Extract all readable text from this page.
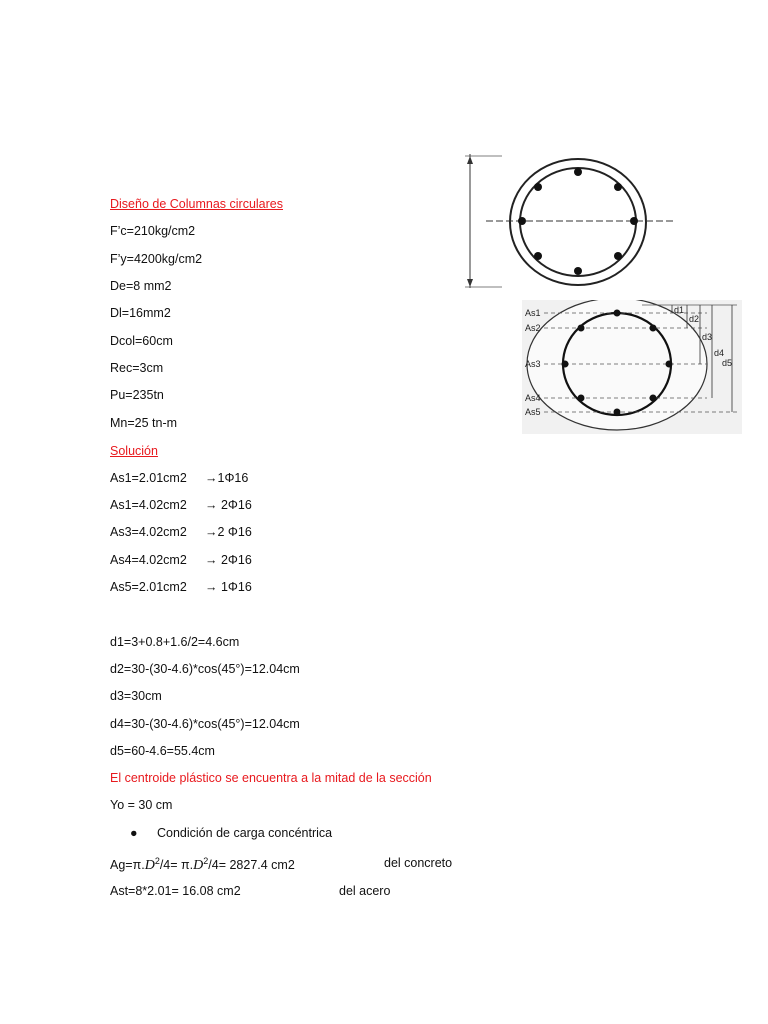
As1
As2
As3
As4
As5
d1
d2
d3
d4
d5
Diseño de Columnas circulares
F’c=210kg/cm2
F’y=4200kg/cm2
De=8 mm2
Dl=16mm2
Dcol=60cm
Rec=3cm
Pu=235tn
Mn=25 tn-m
Solución
As1=2.01cm2 →1Φ16
As1=4.02cm2 → 2Φ16
As3=4.02cm2 →2 Φ16
As4=4.02cm2 → 2Φ16
As5=2.01cm2 → 1Φ16
d1=3+0.8+1.6/2=4.6cm
d2=30-(30-4.6)*cos(45°)=12.04cm
d3=30cm
d4=30-(30-4.6)*cos(45°)=12.04cm
d5=60-4.6=55.4cm
El centroide plástico se encuentra a la mitad de la sección
Yo = 30 cm
● Condición de carga concéntrica
$Ag=\pi.D^2/4= \pi.D^2/4= 2827.4$ cm2	del concreto
Ast=8*2.01= 16.08 cm2	del acero
